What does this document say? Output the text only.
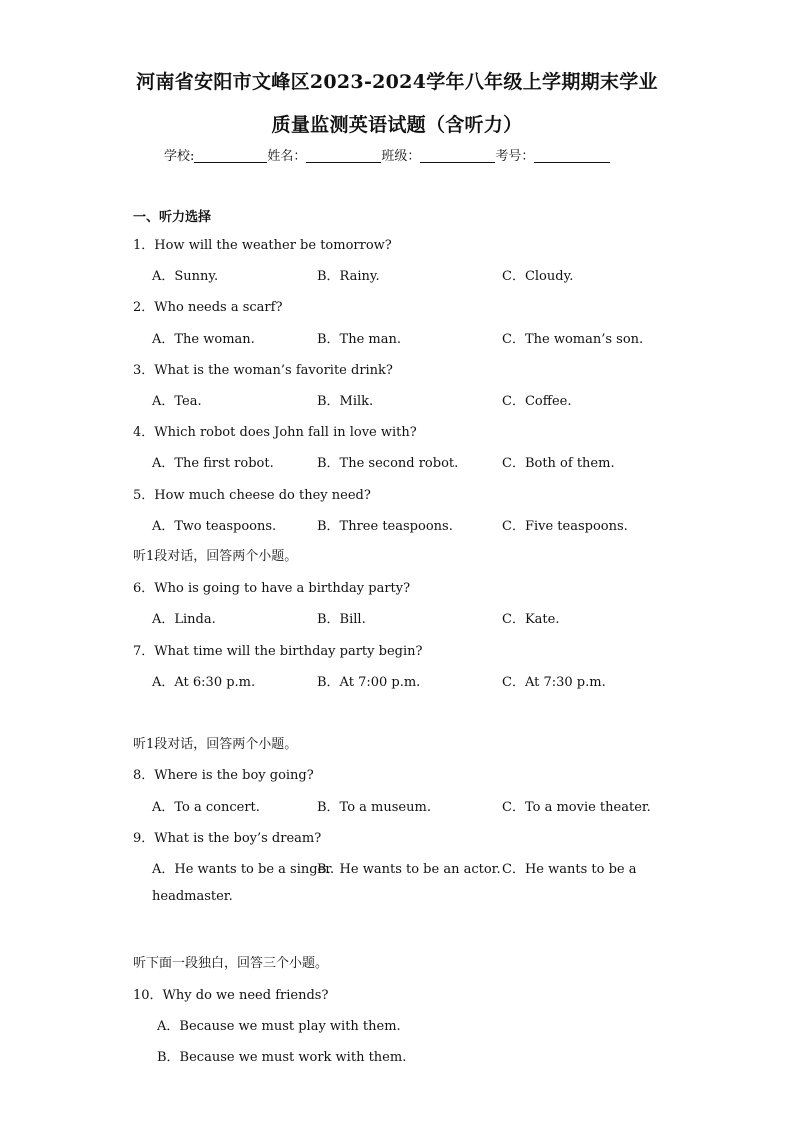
河南省安阳市文峰区2023-2024学年八年级上学期期末学业
质量监测英语试题（含听力）
学校:	姓名：	班级：	考号：
一、听力选择
1．How will the weather be tomorrow?
A．Sunny.	B．Rainy.	C．Cloudy.
2．Who needs a scarf?
A．The woman.	B．The man.	C．The woman’s son.
3．What is the woman’s favorite drink?
A．Tea.	B．Milk.	C．Coffee.
4．Which robot does John fall in love with?
A．The first robot.	B．The second robot.	C．Both of them.
5．How much cheese do they need?
A．Two teaspoons.	B．Three teaspoons.	C．Five teaspoons.
听1段对话，回答两个小题。
6．Who is going to have a birthday party?
A．Linda.	B．Bill.	C．Kate.
7．What time will the birthday party begin?
A．At 6:30 p.m.	B．At 7:00 p.m.	C．At 7:30 p.m.
听1段对话，回答两个小题。
8．Where is the boy going?
A．To a concert.	B．To a museum.	C．To a movie theater.
9．What is the boy’s dream?
A．He wants to be a singer.
B．He wants to be an actor. C．He wants to be a
headmaster.
听下面一段独白，回答三个小题。
10．Why do we need friends?
A．Because we must play with them.
B．Because we must work with them.
